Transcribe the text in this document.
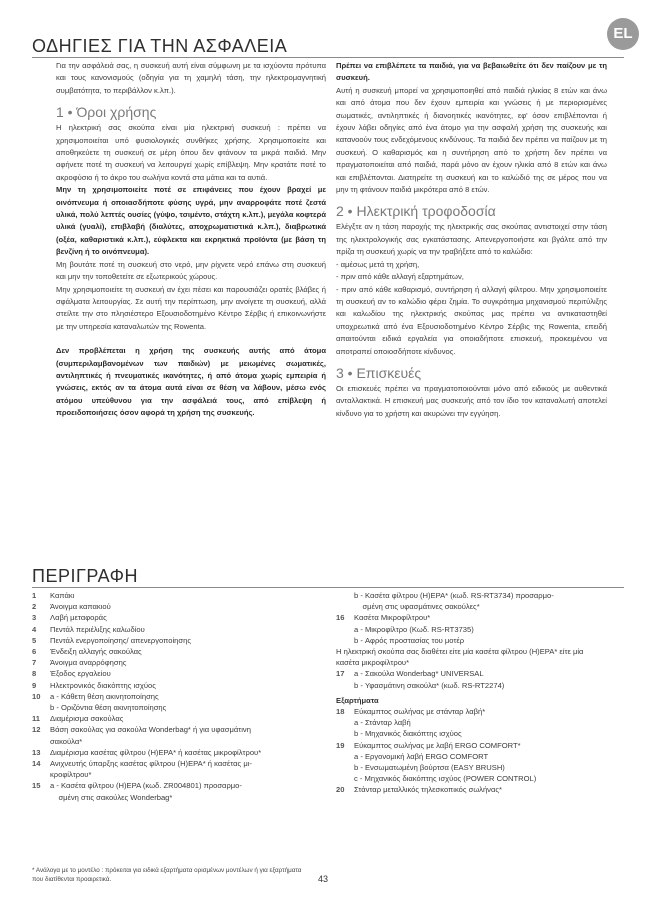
EL
ΟΔΗΓΙΕΣ ΓΙΑ ΤΗΝ ΑΣΦΑΛΕΙΑ

Για την ασφάλειά σας, η συσκευή αυτή είναι σύμφωνη με τα ισχύοντα πρότυπα και τους κανονισμούς (οδηγία για τη χαμηλή τάση, την ηλεκτρομαγνητική συμβατότητα, το περιβάλλον κ.λπ.).

1 • Όροι χρήσης

Η ηλεκτρική σας σκούπα είναι μία ηλεκτρική συσκευή : πρέπει να χρησιμοποιείται υπό φυσιολογικές συνθήκες χρήσης. Χρησιμοποιείτε και αποθηκεύετε τη συσκευή σε μέρη όπου δεν φτάνουν τα μικρά παιδιά. Μην αφήνετε ποτέ τη συσκευή να λειτουργεί χωρίς επίβλεψη. Μην κρατάτε ποτέ το ακροφύσιο ή το άκρο του σωλήνα κοντά στα μάτια και τα αυτιά.

Μην τη χρησιμοποιείτε ποτέ σε επιφάνειες που έχουν βραχεί με οινόπνευμα ή οποιασδήποτε φύσης υγρά, μην αναρροφάτε ποτέ ζεστά υλικά, πολύ λεπτές ουσίες (γύψο, τσιμέντο, στάχτη κ.λπ.), μεγάλα κοφτερά υλικά (γυαλί), επιβλαβή (διαλύτες, αποχρωματιστικά κ.λπ.), διαβρωτικά (οξέα, καθαριστικά κ.λπ.), εύφλεκτα και εκρηκτικά προϊόντα (με βάση τη βενζίνη ή το οινόπνευμα).

Μη βουτάτε ποτέ τη συσκευή στο νερό, μην ρίχνετε νερό επάνω στη συσκευή και μην την τοποθετείτε σε εξωτερικούς χώρους.

Μην χρησιμοποιείτε τη συσκευή αν έχει πέσει και παρουσιάζει ορατές βλάβες ή σφάλματα λειτουργίας. Σε αυτή την περίπτωση, μην ανοίγετε τη συσκευή, αλλά στείλτε την στο πλησιέστερο Εξουσιοδοτημένο Κέντρο Σέρβις ή επικοινωνήστε με την υπηρεσία καταναλωτών της Rowenta.

Δεν προβλέπεται η χρήση της συσκευής αυτής από άτομα (συμπεριλαμβανομένων των παιδιών) με μειωμένες σωματικές, αντιληπτικές ή πνευματικές ικανότητες, ή από άτομα χωρίς εμπειρία ή γνώσεις, εκτός αν τα άτομα αυτά είναι σε θέση να λάβουν, μέσω ενός ατόμου υπεύθυνου για την ασφάλειά τους, από επίβλεψη ή προειδοποιήσεις όσον αφορά τη χρήση της συσκευής.

Πρέπει να επιβλέπετε τα παιδιά, για να βεβαιωθείτε ότι δεν παίζουν με τη συσκευή.

Αυτή η συσκευή μπορεί να χρησιμοποιηθεί από παιδιά ηλικίας 8 ετών και άνω και από άτομα που δεν έχουν εμπειρία και γνώσεις ή με περιορισμένες σωματικές, αντιληπτικές ή διανοητικές ικανότητες, εφ' όσον επιβλέπονται ή έχουν λάβει οδηγίες από ένα άτομο για την ασφαλή χρήση της συσκευής και κατανοούν τους ενδεχόμενους κινδύνους. Τα παιδιά δεν πρέπει να παίζουν με τη συσκευή. Ο καθαρισμός και η συντήρηση από το χρήστη δεν πρέπει να πραγματοποιείται από παιδιά, παρά μόνο αν έχουν ηλικία από 8 ετών και άνω και επιβλέπονται. Διατηρείτε τη συσκευή και το καλώδιό της σε μέρος που να μην τη φτάνουν παιδιά μικρότερα από 8 ετών.

2 • Ηλεκτρική τροφοδοσία

Ελέγξτε αν η τάση παροχής της ηλεκτρικής σας σκούπας αντιστοιχεί στην τάση της ηλεκτρολογικής σας εγκατάστασης. Απενεργοποιήστε και βγάλτε από την πρίζα τη συσκευή χωρίς να την τραβήξετε από το καλώδιο:

- αμέσως μετά τη χρήση,

- πριν από κάθε αλλαγή εξαρτημάτων,

- πριν από κάθε καθαρισμό, συντήρηση ή αλλαγή φίλτρου. Μην χρησιμοποιείτε τη συσκευή αν το καλώδιο φέρει ζημία. Το συγκρότημα μηχανισμού περιτύλιξης και καλωδίου της ηλεκτρικής σκούπας μας πρέπει να αντικαταστηθεί υποχρεωτικά από ένα Εξουσιοδοτημένο Κέντρο Σέρβις της Rowenta, επειδή απαιτούνται ειδικά εργαλεία για οποιαδήποτε επισκευή, προκειμένου να αποτραπεί οποιοσδήποτε κίνδυνος.

3 • Επισκευές

Οι επισκευές πρέπει να πραγματοποιούνται μόνο από ειδικούς με αυθεντικά ανταλλακτικά. Η επισκευή μας συσκευής από τον ίδιο τον καταναλωτή αποτελεί κίνδυνο για το χρήστη και ακυρώνει την εγγύηση.

ΠΕΡΙΓΡΑΦΗ
1	Καπάκι
2	Άνοιγμα καπακιού
3	Λαβή μεταφοράς
4	Πεντάλ περιέλιξης καλωδίου
5	Πεντάλ ενεργοποίησης/ απενεργοποίησης
6	Ένδειξη αλλαγής σακούλας
7	Άνοιγμα αναρρόφησης
8	Έξοδος εργαλείου
9	Ηλεκτρονικός διακόπτης ισχύος
10	a - Κάθετη θέση ακινητοποίησης
b - Οριζόντια θέση ακινητοποίησης
11	Διαμέρισμα σακούλας
12	Βάση σακούλας για σακούλα Wonderbag* ή για υφασμάτινη
σακούλα*
13	Διαμέρισμα κασέτας φίλτρου (Η)ΕΡΑ* ή κασέτας μικροφίλτρου*
14	Ανιχνευτής ύπαρξης κασέτας φίλτρου (Η)ΕΡΑ* ή κασέτας μι-
κροφίλτρου*
15	a - Κασέτα φίλτρου (Η)ΕΡΑ (κωδ. ZR004801) προσαρμο-
σμένη στις σακούλες Wonderbag*
b - Κασέτα φίλτρου (Η)ΕΡΑ* (κωδ. RS-RT3734) προσαρμο-
σμένη στις υφασμάτινες σακούλες*
16	Κασέτα Μικροφίλτρου*
a - Μικροφίλτρο (Κωδ. RS-RT3735)
b - Αφρός προστασίας του μοτέρ
Η ηλεκτρική σκούπα σας διαθέτει είτε μία κασέτα φίλτρου (Η)ΕΡΑ* είτε μία κασέτα μικροφίλτρου*
17	a - Σακούλα Wonderbag* UNIVERSAL
b - Υφασμάτινη σακούλα* (κωδ. RS-RT2274)
Εξαρτήματα
18	Εύκαμπτος σωλήνας με στάνταρ λαβή*
a - Στάνταρ λαβή
b - Μηχανικός διακόπτης ισχύος
19	Εύκαμπτος σωλήνας με λαβή ERGO COMFORT*
a - Εργονομική λαβή ERGO COMFORT
b - Ενσωματωμένη βούρτσα (EASY BRUSH)
c - Μηχανικός διακόπτης ισχύος (POWER CONTROL)
20	Στάνταρ μεταλλικός τηλεσκοπικός σωλήνας*
* Ανάλογα με το μοντέλο : πρόκειται για ειδικά εξαρτήματα ορισμένων μοντέλων ή για εξαρτήματα που διατίθενται προαιρετικά.	43
